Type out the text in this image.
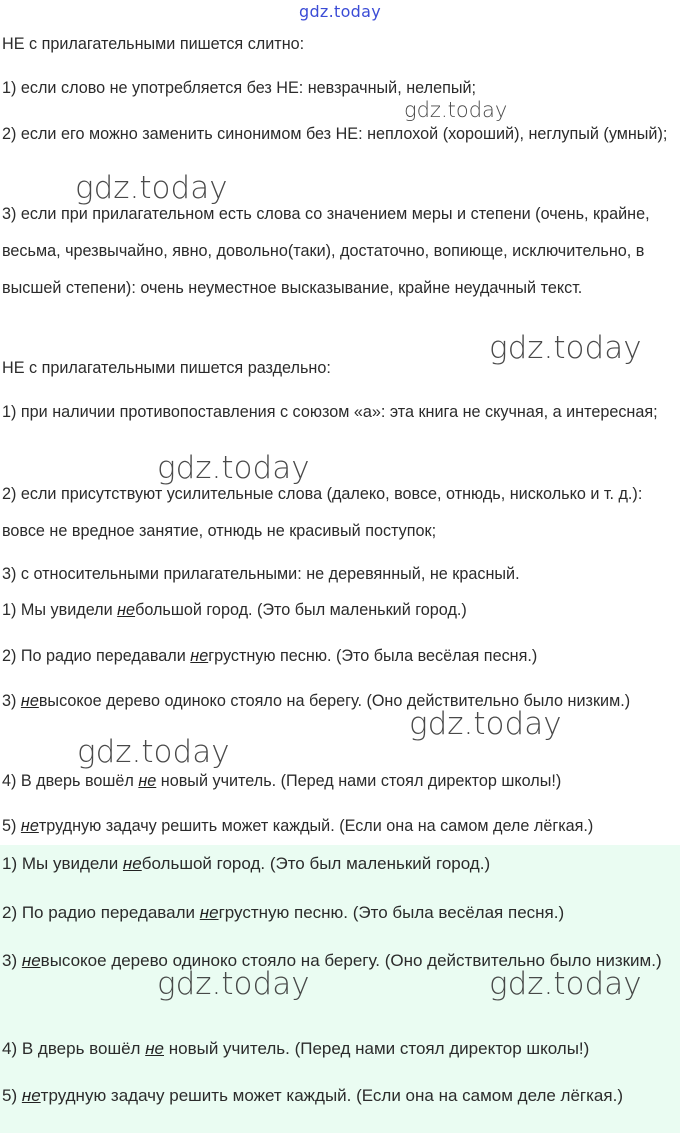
gdz.today

НЕ с прилагательными пишется слитно:

1) если слово не употребляется без НЕ: невзрачный, нелепый;

2) если его можно заменить синонимом без НЕ: неплохой (хороший), неглупый (умный);

3) если при прилагательном есть слова со значением меры и степени (очень, крайне, весьма, чрезвычайно, явно, довольно(таки), достаточно, вопиюще, исключительно, в высшей степени): очень неуместное высказывание, крайне неудачный текст.

НЕ с прилагательными пишется раздельно:

1) при наличии противопоставления с союзом «а»: эта книга не скучная, а интересная;

2) если присутствуют усилительные слова (далеко, вовсе, отнюдь, нисколько и т. д.): вовсе не вредное занятие, отнюдь не красивый поступок;

3) с относительными прилагательными: не деревянный, не красный.

1) Мы увидели небольшой город. (Это был маленький город.)

2) По радио передавали негрустную песню. (Это была весёлая песня.)

3) невысокое дерево одиноко стояло на берегу. (Оно действительно было низким.)

4) В дверь вошёл не новый учитель. (Перед нами стоял директор школы!)

5) нетрудную задачу решить может каждый. (Если она на самом деле лёгкая.)

1) Мы увидели небольшой город. (Это был маленький город.)

2) По радио передавали негрустную песню. (Это была весёлая песня.)

3) невысокое дерево одиноко стояло на берегу. (Оно действительно было низким.)

4) В дверь вошёл не новый учитель. (Перед нами стоял директор школы!)

5) нетрудную задачу решить может каждый. (Если она на самом деле лёгкая.)

gdz.today
gdz.today
gdz.today
gdz.today
gdz.today
gdz.today
gdz.today	gdz.today
